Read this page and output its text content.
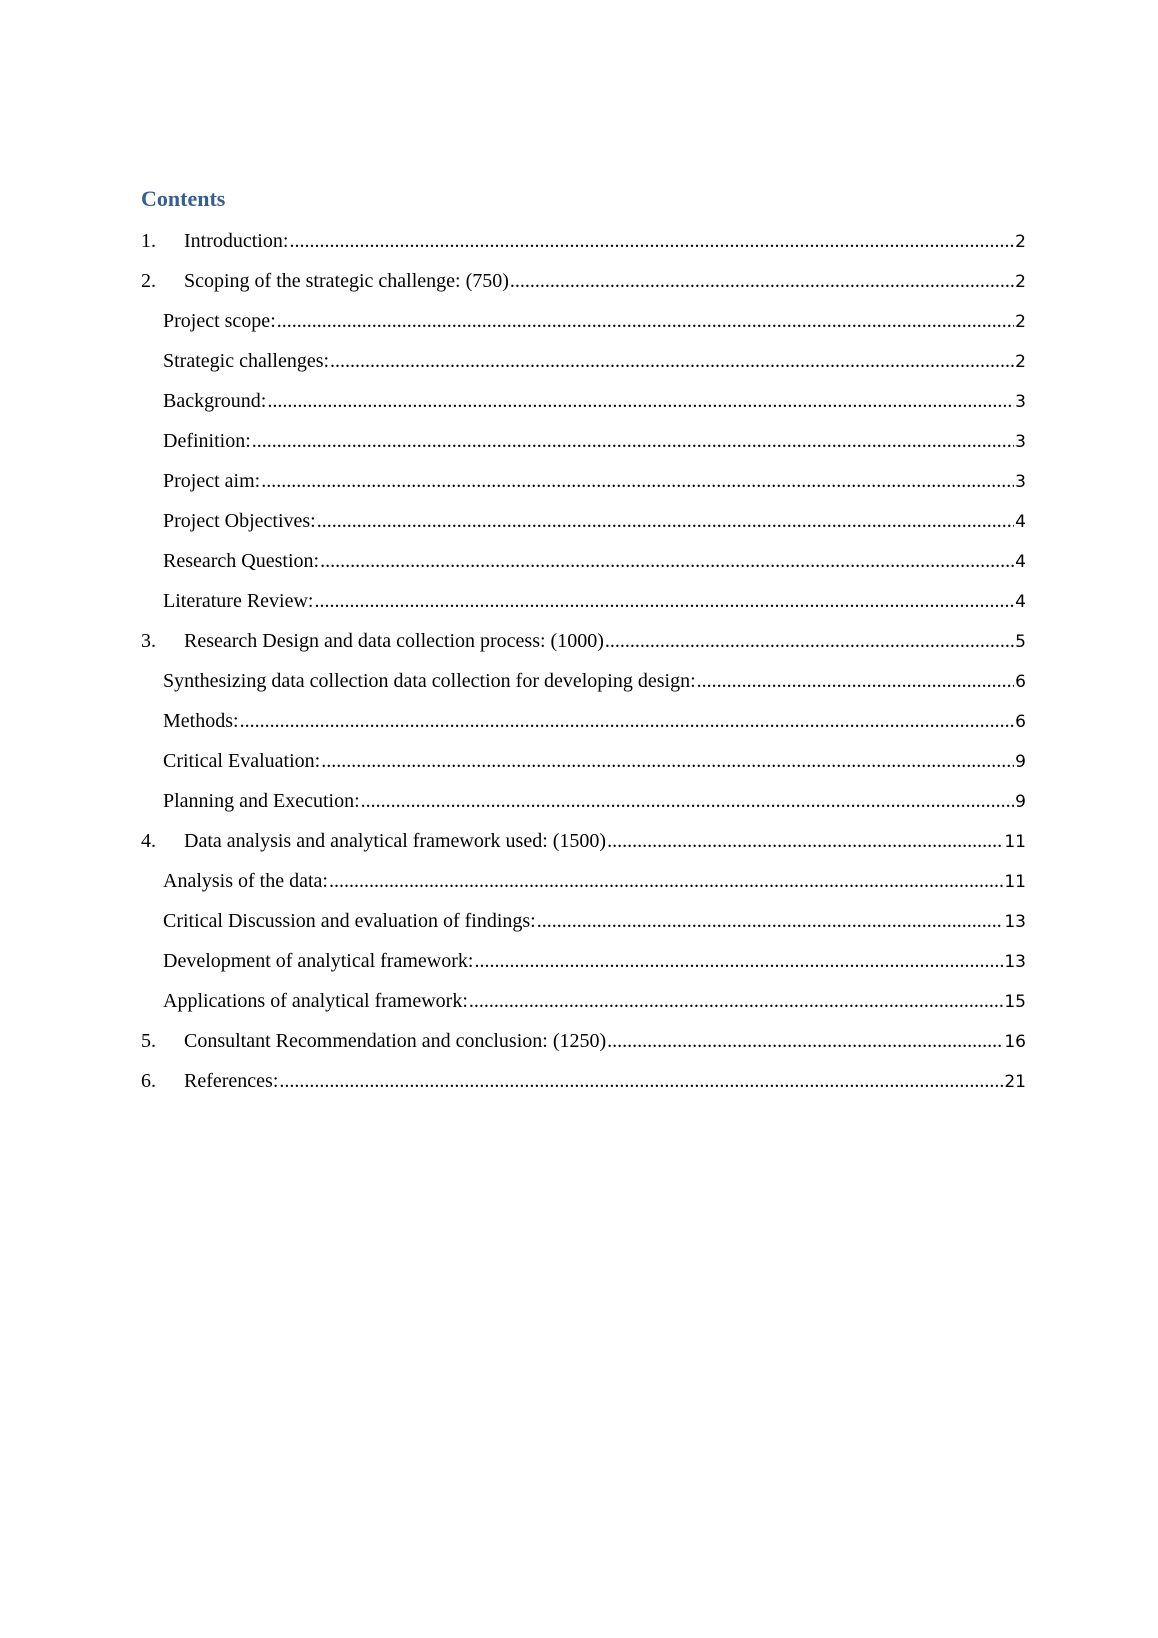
Contents
1.	Introduction: .....	2
2.	Scoping of the strategic challenge: (750) .....	2
Project scope: .....	2
Strategic challenges: .....	2
Background: .....	3
Definition: .....	3
Project aim: .....	3
Project Objectives: .....	4
Research Question: .....	4
Literature Review: .....	4
3.	Research Design and data collection process: (1000) .....	5
Synthesizing data collection data collection for developing design: .....	6
Methods: .....	6
Critical Evaluation: .....	9
Planning and Execution: .....	9
4.	Data analysis and analytical framework used: (1500) .....	11
Analysis of the data: .....	11
Critical Discussion and evaluation of findings: .....	13
Development of analytical framework: .....	13
Applications of analytical framework: .....	15
5.	Consultant Recommendation and conclusion: (1250) .....	16
6.	References: .....	21
